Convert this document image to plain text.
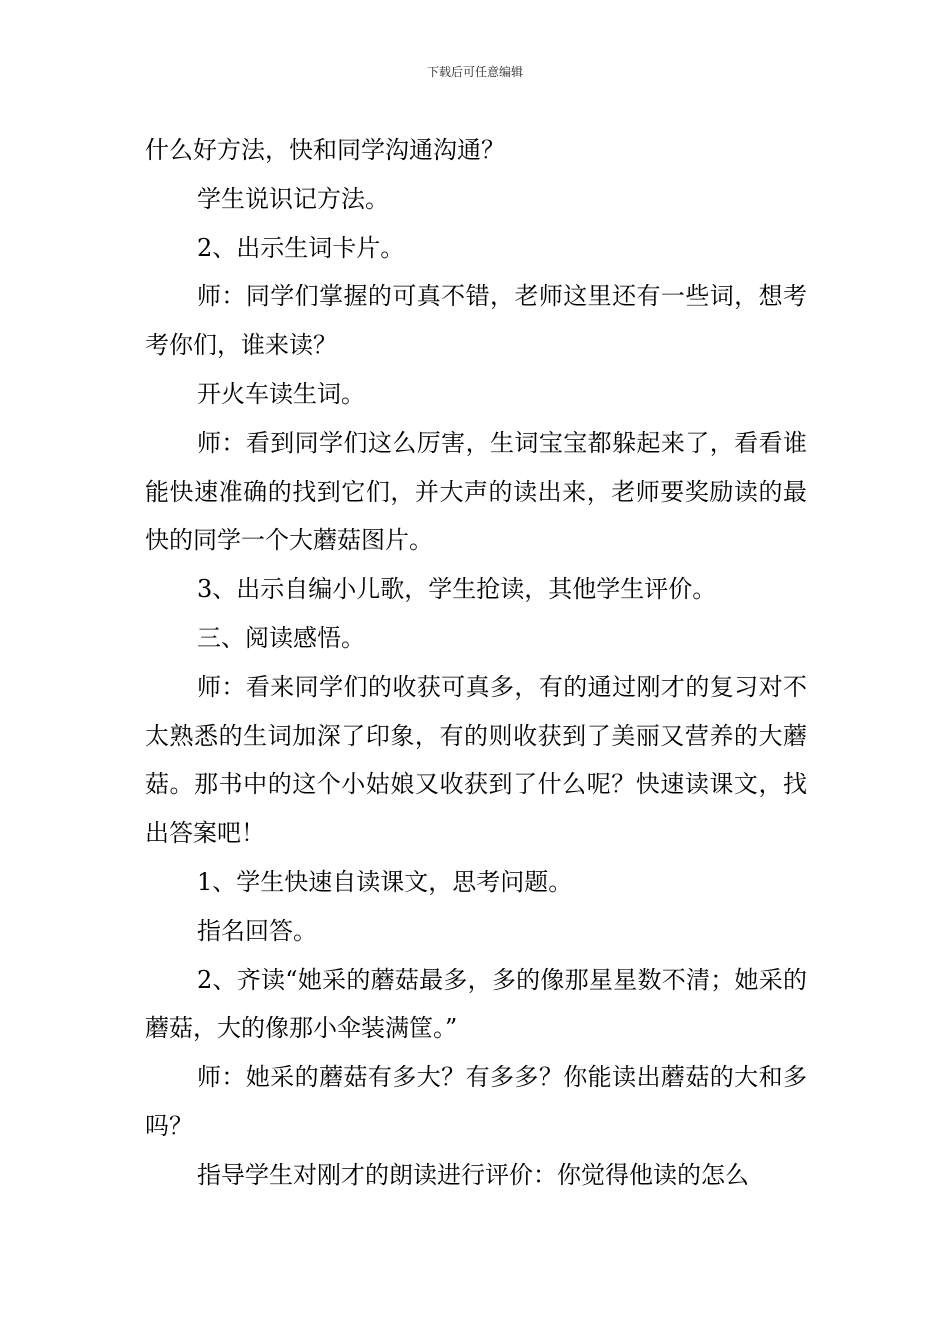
下载后可任意编辑

什么好方法，快和同学沟通沟通？

学生说识记方法。

2、出示生词卡片。

师：同学们掌握的可真不错，老师这里还有一些词，想考考你们，谁来读？

开火车读生词。

师：看到同学们这么厉害，生词宝宝都躲起来了，看看谁能快速准确的找到它们，并大声的读出来，老师要奖励读的最快的同学一个大蘑菇图片。

3、出示自编小儿歌，学生抢读，其他学生评价。

三、阅读感悟。

师：看来同学们的收获可真多，有的通过刚才的复习对不太熟悉的生词加深了印象，有的则收获到了美丽又营养的大蘑菇。那书中的这个小姑娘又收获到了什么呢？快速读课文，找出答案吧！

1、学生快速自读课文，思考问题。

指名回答。

2、齐读“她采的蘑菇最多，多的像那星星数不清；她采的蘑菇，大的像那小伞装满筐。”

师：她采的蘑菇有多大？有多多？你能读出蘑菇的大和多吗？

指导学生对刚才的朗读进行评价：你觉得他读的怎么
